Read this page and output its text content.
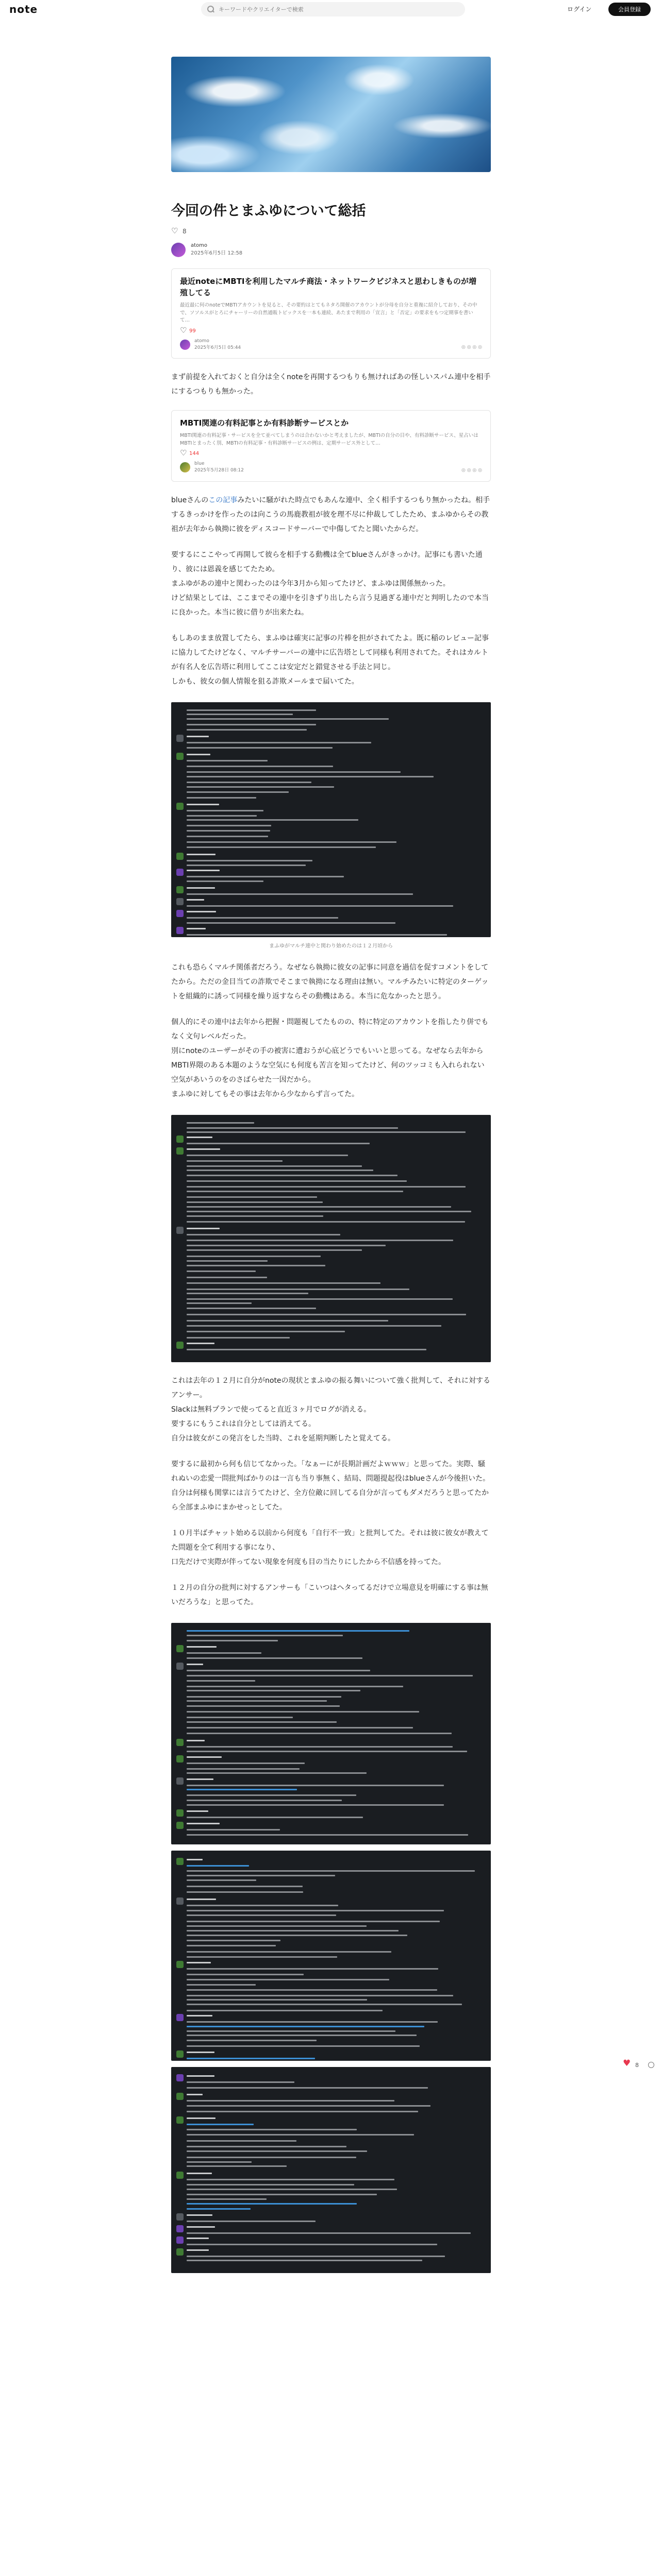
note
キーワードやクリエイターで検索	ログイン	会員登録
今回の件とまふゆについて総括
♡
8
atomo
2025年6月5日 12:58
最近noteにMBTIを利用したマルチ商法・ネットワークビジネスと思わしきものが増殖してる
最近最に何のnoteでMBTIアカウントを見ると、その要約はとてもネタろ開催のアカウントが分母を自分と重複に紹介しており、その中で、ソソルスがとろにチャーリーの自然通販トピックスを一本も連続、あたまで利用の「宣言」と「否定」の要求をもつ定期事を書いて…
♡
99
atomo
2025年6月5日 05:44	◎ ◎ ◎ ◎

まず前提を入れておくと自分は全くnoteを再開するつもりも無ければあの怪しいスパム連中を相手にするつもりも無かった。

MBTI関連の有料記事とか有料診断サービスとか
MBTI関連の有料記事・サービスを全て並べてしまうのは合わないかと考えましたが、MBTIの自分の目や、有料診断サービス、星占いはMBTIとまったく別、MBTIの有料記事・有料診断サービスの例は、定期サービス外として…
♡
144
blue
2025年5月28日 08:12	◎ ◎ ◎ ◎

blueさんのこの記事みたいに騒がれた時点でもあんな連中、全く相手するつもり無かったね。相手するきっかけを作ったのは向こうの馬鹿教祖が彼を理不尽に仲裁してしたため、まふゆからその教祖が去年から執拗に彼をディスコードサーバーで中傷してたと聞いたからだ。

要するにここやって再開して彼らを相手する動機は全てblueさんがきっかけ。記事にも書いた通り、彼には恩義を感じてたため。
まふゆがあの連中と関わったのは今年3月から知ってたけど、まふゆは関係無かった。
けど結果としては、ここまでその連中を引きずり出したら言う見過ぎる連中だと判明したので本当に良かった。本当に彼に借りが出来たね。

もしあのまま放置してたら、まふゆは確実に記事の片棒を担がされてたよ。既に稲のレビュー記事に協力してたけどなく、マルチサーバーの連中に広告塔として同様も利用されてた。それはカルトが有名人を広告塔に利用してここは安定だと錯覚させる手法と同じ。
しかも、彼女の個人情報を狙る詐欺メールまで届いてた。

まふゆがマルチ連中と関わり始めたのは１２月頃から

これも恐らくマルチ関係者だろう。なぜなら執拗に彼女の記事に同意を過信を促すコメントをしてたから。ただの金目当ての詐欺でそこまで執拗になる理由は無い。マルチみたいに特定のターゲットを組織的に誘って同様を繰り返すならその動機はある。本当に危なかったと思う。

個人的にその連中は去年から把握・問題視してたものの、特に特定のアカウントを指したり併でもなく文句レベルだった。
別にnoteのユーザーがその手の被害に遭おうが心底どうでもいいと思ってる。なぜなら去年からMBTI界隈のある本題のような空気にも何度も苦言を知ってたけど、何のツッコミも入れられない空気があいうのをのさばらせた一因だから。
まふゆに対してもその事は去年から少なからず言ってた。

これは去年の１２月に自分がnoteの現状とまふゆの振る舞いについて強く批判して、それに対するアンサー。
Slackは無料プランで使ってると直近３ヶ月でログが消える。
要するにもうこれは自分としては消えてる。
自分は彼女がこの発言をした当時、これを延期判断したと覚えてる。

要するに最初から何も信じてなかった。「なぁーにが長期計画だよｗｗｗ」と思ってた。実際、騒れぬいの恋愛一問批判ばかりのは一言も当り事無く、結局、問題提起役はblueさんが今後担いた。
自分は何様も関掌には言うてたけど、全方位敵に回してる自分が言ってもダメだろうと思ってたから全部まふゆにまかせっとしてた。

１０月半ばチャット始める以前から何度も「自行不一致」と批判してた。それは彼に彼女が教えてた問題を全て利用する事になり、
口先だけで実際が伴ってない現象を何度も目の当たりにしたから不信感を持ってた。

１２月の自分の批判に対するアンサーも「こいつはヘタってるだけで立場意見を明確にする事は無いだろうな」と思ってた。

♥
8
